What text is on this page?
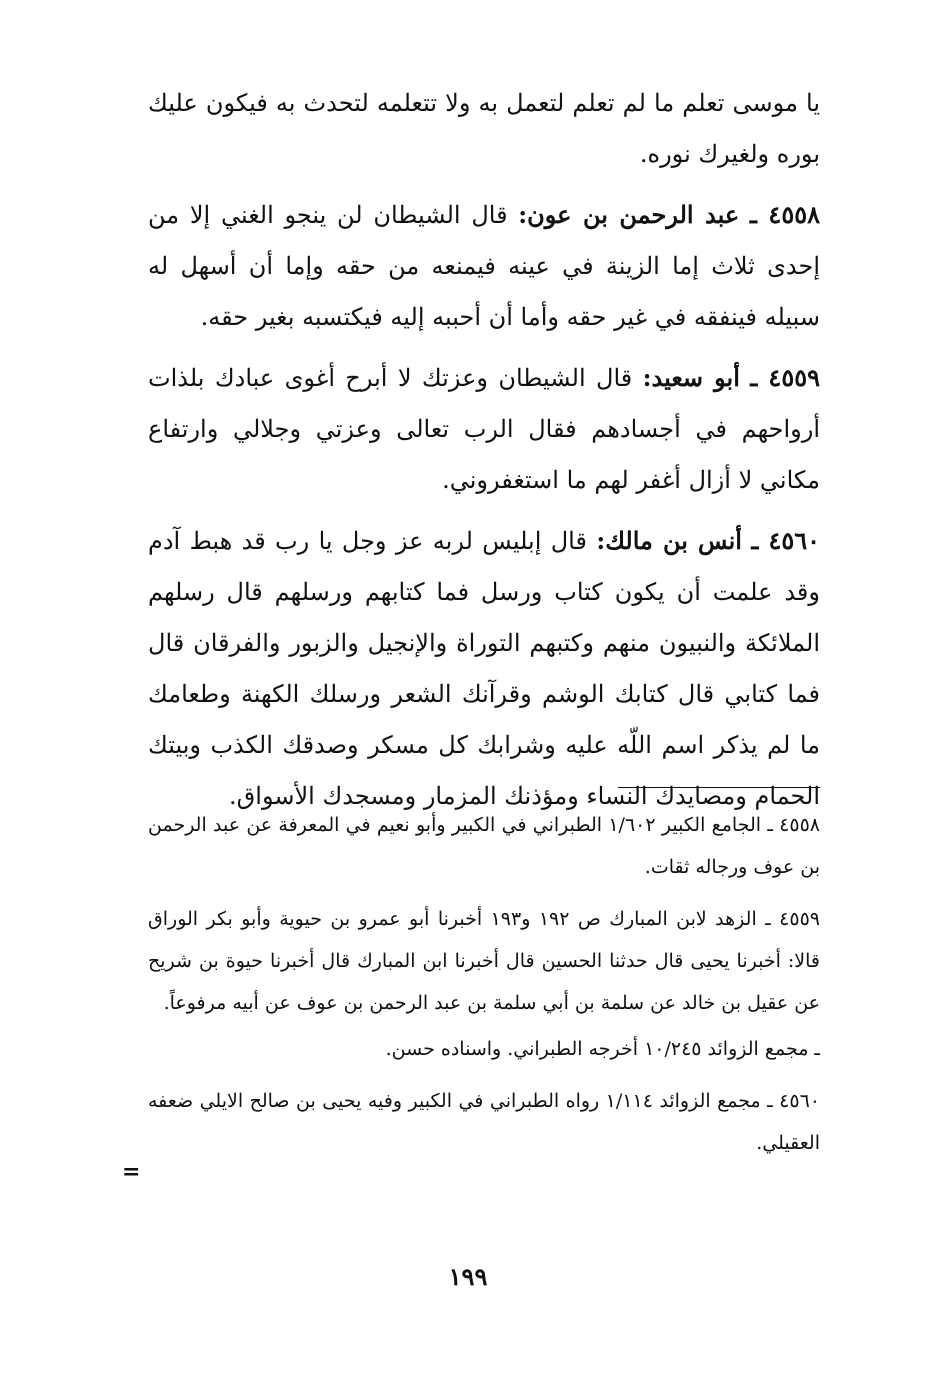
يا موسى تعلم ما لم تعلم لتعمل به ولا تتعلمه لتحدث به فيكون عليك بوره ولغيرك نوره.

٤٥٥٨ ـ عبد الرحمن بن عون: قال الشيطان لن ينجو الغني إلا من إحدى ثلاث إما الزينة في عينه فيمنعه من حقه وإما أن أسهل له سبيله فينفقه في غير حقه وأما أن أحببه إليه فيكتسبه بغير حقه.

٤٥٥٩ ـ أبو سعيد: قال الشيطان وعزتك لا أبرح أغوى عبادك بلذات أرواحهم في أجسادهم فقال الرب تعالى وعزتي وجلالي وارتفاع مكاني لا أزال أغفر لهم ما استغفروني.

٤٥٦٠ ـ أنس بن مالك: قال إبليس لربه عز وجل يا رب قد هبط آدم وقد علمت أن يكون كتاب ورسل فما كتابهم ورسلهم قال رسلهم الملائكة والنبيون منهم وكتبهم التوراة والإنجيل والزبور والفرقان قال فما كتابي قال كتابك الوشم وقرآنك الشعر ورسلك الكهنة وطعامك ما لم يذكر اسم اللّه عليه وشرابك كل مسكر وصدقك الكذب وبيتك الحمام ومصايدك النساء ومؤذنك المزمار ومسجدك الأسواق.

٤٥٥٨ ـ الجامع الكبير ١/٦٠٢ الطبراني في الكبير وأبو نعيم في المعرفة عن عبد الرحمن بن عوف ورجاله ثقات.

٤٥٥٩ ـ الزهد لابن المبارك ص ١٩٢ و١٩٣ أخبرنا أبو عمرو بن حيوية وأبو بكر الوراق قالا: أخبرنا يحيى قال حدثنا الحسين قال أخبرنا ابن المبارك قال أخبرنا حيوة بن شريح عن عقيل بن خالد عن سلمة بن أبي سلمة بن عبد الرحمن بن عوف عن أبيه مرفوعاً.

ـ مجمع الزوائد ١٠/٢٤٥ أخرجه الطبراني. واسناده حسن.

٤٥٦٠ ـ مجمع الزوائد ١/١١٤ رواه الطبراني في الكبير وفيه يحيى بن صالح الايلي ضعفه العقيلي.

=
١٩٩
